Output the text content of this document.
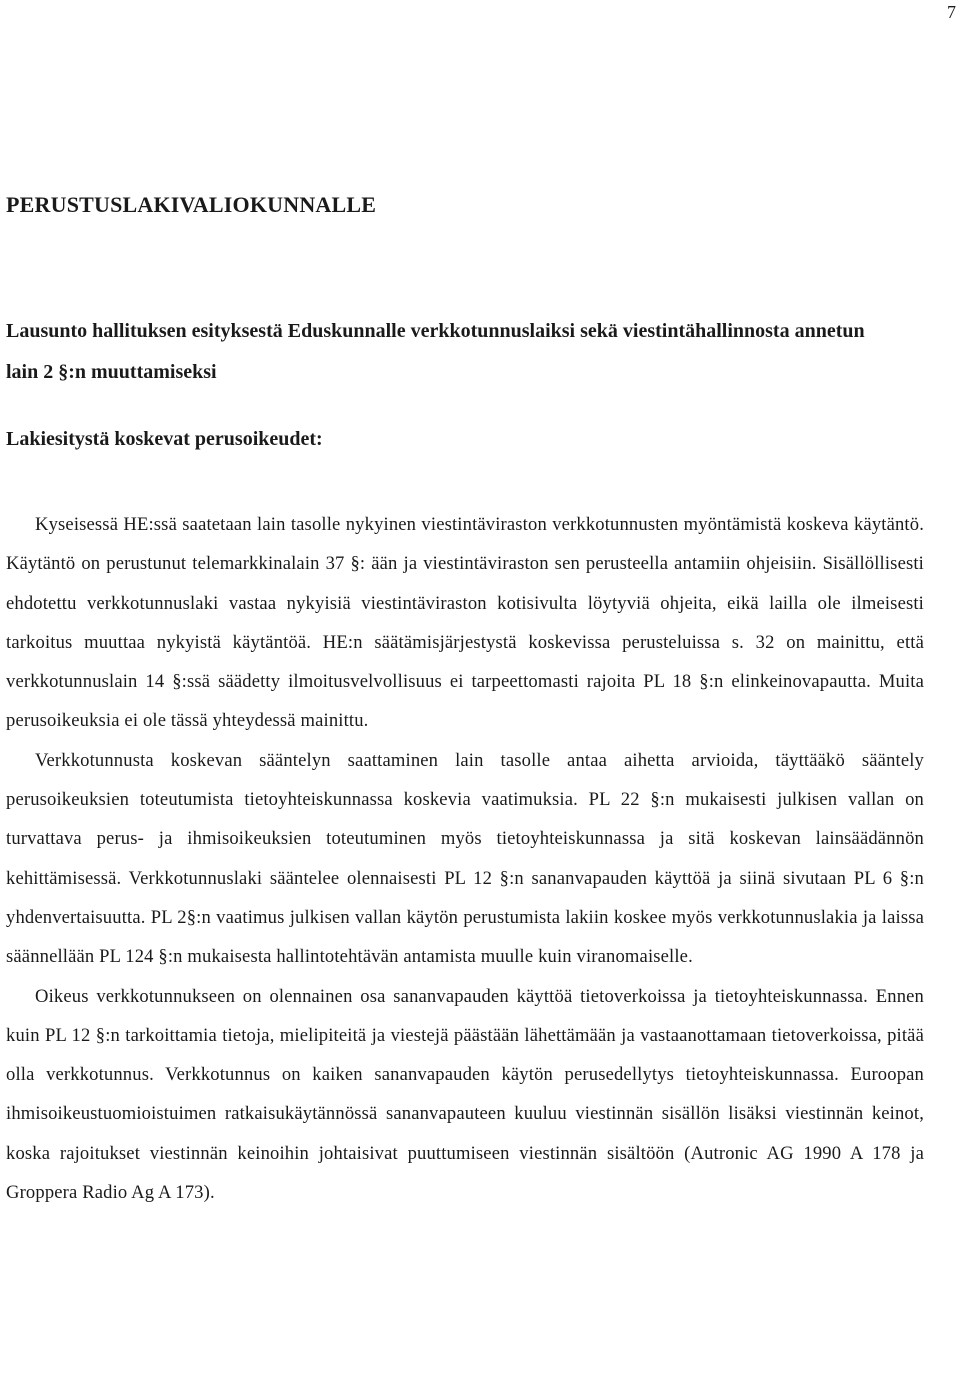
7
PERUSTUSLAKIVALIOKUNNALLE
Lausunto hallituksen esityksestä Eduskunnalle verkkotunnuslaiksi sekä viestintähallinnosta annetun lain 2 §:n muuttamiseksi
Lakiesitystä koskevat perusoikeudet:

Kyseisessä HE:ssä saatetaan lain tasolle nykyinen viestintäviraston verkkotunnusten myöntämistä koskeva käytäntö. Käytäntö on perustunut telemarkkinalain 37 §: ään ja viestintäviraston sen perusteella antamiin ohjeisiin. Sisällöllisesti ehdotettu verkkotunnuslaki vastaa nykyisiä viestintäviraston kotisivulta löytyviä ohjeita, eikä lailla ole ilmeisesti tarkoitus muuttaa nykyistä käytäntöä. HE:n säätämisjärjestystä koskevissa perusteluissa s. 32 on mainittu, että verkkotunnuslain 14 §:ssä säädetty ilmoitusvelvollisuus ei tarpeettomasti rajoita PL 18 §:n elinkeinovapautta. Muita perusoikeuksia ei ole tässä yhteydessä mainittu.

Verkkotunnusta koskevan sääntelyn saattaminen lain tasolle antaa aihetta arvioida, täyttääkö sääntely perusoikeuksien toteutumista tietoyhteiskunnassa koskevia vaatimuksia. PL 22 §:n mukaisesti julkisen vallan on turvattava perus- ja ihmisoikeuksien toteutuminen myös tietoyhteiskunnassa ja sitä koskevan lainsäädännön kehittämisessä. Verkkotunnuslaki sääntelee olennaisesti PL 12 §:n sananvapauden käyttöä ja siinä sivutaan PL 6 §:n yhdenvertaisuutta. PL 2§:n vaatimus julkisen vallan käytön perustumista lakiin koskee myös verkkotunnuslakia ja laissa säännellään PL 124 §:n mukaisesta hallintotehtävän antamista muulle kuin viranomaiselle.

Oikeus verkkotunnukseen on olennainen osa sananvapauden käyttöä tietoverkoissa ja tietoyhteiskunnassa. Ennen kuin PL 12 §:n tarkoittamia tietoja, mielipiteitä ja viestejä päästään lähettämään ja vastaanottamaan tietoverkoissa, pitää olla verkkotunnus. Verkkotunnus on kaiken sananvapauden käytön perusedellytys tietoyhteiskunnassa. Euroopan ihmisoikeustuomioistuimen ratkaisukäytännössä sananvapauteen kuuluu viestinnän sisällön lisäksi viestinnän keinot, koska rajoitukset viestinnän keinoihin johtaisivat puuttumiseen viestinnän sisältöön (Autronic AG 1990 A 178 ja Groppera Radio Ag A 173).
